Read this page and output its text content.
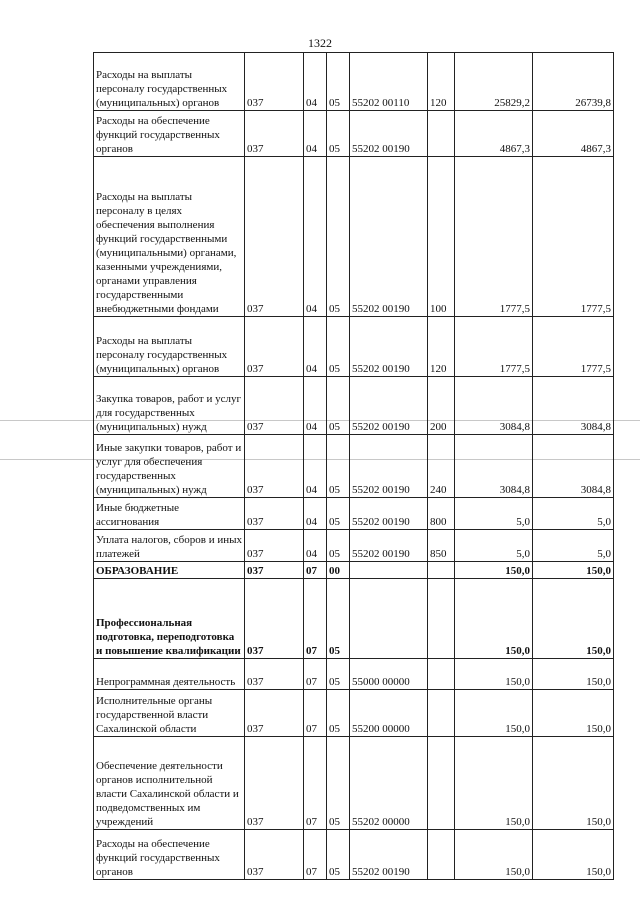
1322
Расходы на выплаты персоналу государственных (муниципальных) органов	037	04	05	55202 00110	120	25829,2	26739,8
Расходы на обеспечение функций государственных органов	037	04	05	55202 00190		4867,3	4867,3
Расходы на выплаты персоналу в целях обеспечения выполнения функций государственными (муниципальными) органами, казенными учреждениями, органами управления государственными внебюджетными фондами	037	04	05	55202 00190	100	1777,5	1777,5
Расходы на выплаты персоналу государственных (муниципальных) органов	037	04	05	55202 00190	120	1777,5	1777,5
Закупка товаров, работ и услуг для государственных (муниципальных) нужд	037	04	05	55202 00190	200	3084,8	3084,8
Иные закупки товаров, работ и услуг для обеспечения государственных (муниципальных) нужд	037	04	05	55202 00190	240	3084,8	3084,8
Иные бюджетные ассигнования	037	04	05	55202 00190	800	5,0	5,0
Уплата налогов, сборов и иных платежей	037	04	05	55202 00190	850	5,0	5,0
ОБРАЗОВАНИЕ	037	07	00			150,0	150,0
Профессиональная подготовка, переподготовка и повышение квалификации	037	07	05			150,0	150,0
Непрограммная деятельность	037	07	05	55000 00000		150,0	150,0
Исполнительные органы государственной власти Сахалинской области	037	07	05	55200 00000		150,0	150,0
Обеспечение деятельности органов исполнительной власти Сахалинской области и подведомственных им учреждений	037	07	05	55202 00000		150,0	150,0
Расходы на обеспечение функций государственных органов	037	07	05	55202 00190		150,0	150,0
